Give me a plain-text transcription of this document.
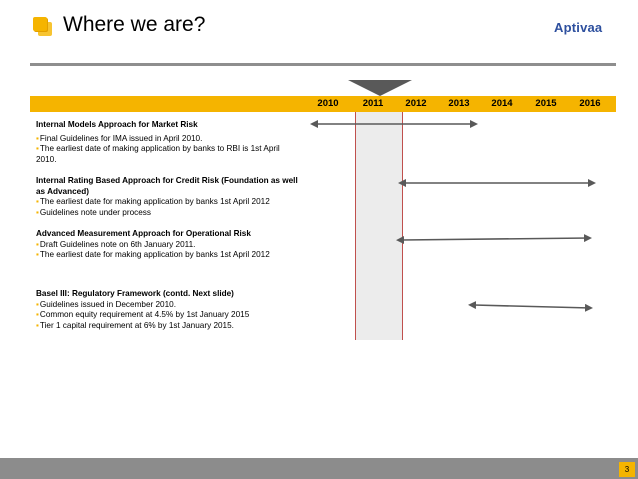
Where we are?	Aptivaa
2010	2011	2012	2013	2014	2015	2016
Internal Models Approach for Market Risk
▪Final Guidelines for IMA issued in April 2010.
▪The earliest date of making application by banks to RBI is 1st April 2010.
Internal Rating Based Approach for Credit Risk (Foundation as well as Advanced)
▪The earliest date for making application by banks 1st April 2012
▪Guidelines note under process
Advanced Measurement Approach for Operational Risk
▪Draft Guidelines note on 6th January 2011.
▪The earliest date for making application by banks 1st April 2012
Basel III: Regulatory Framework (contd. Next slide)
▪Guidelines issued in December 2010.
▪Common equity requirement at 4.5% by 1st January 2015
▪Tier 1 capital requirement at 6% by 1st January 2015.
3
